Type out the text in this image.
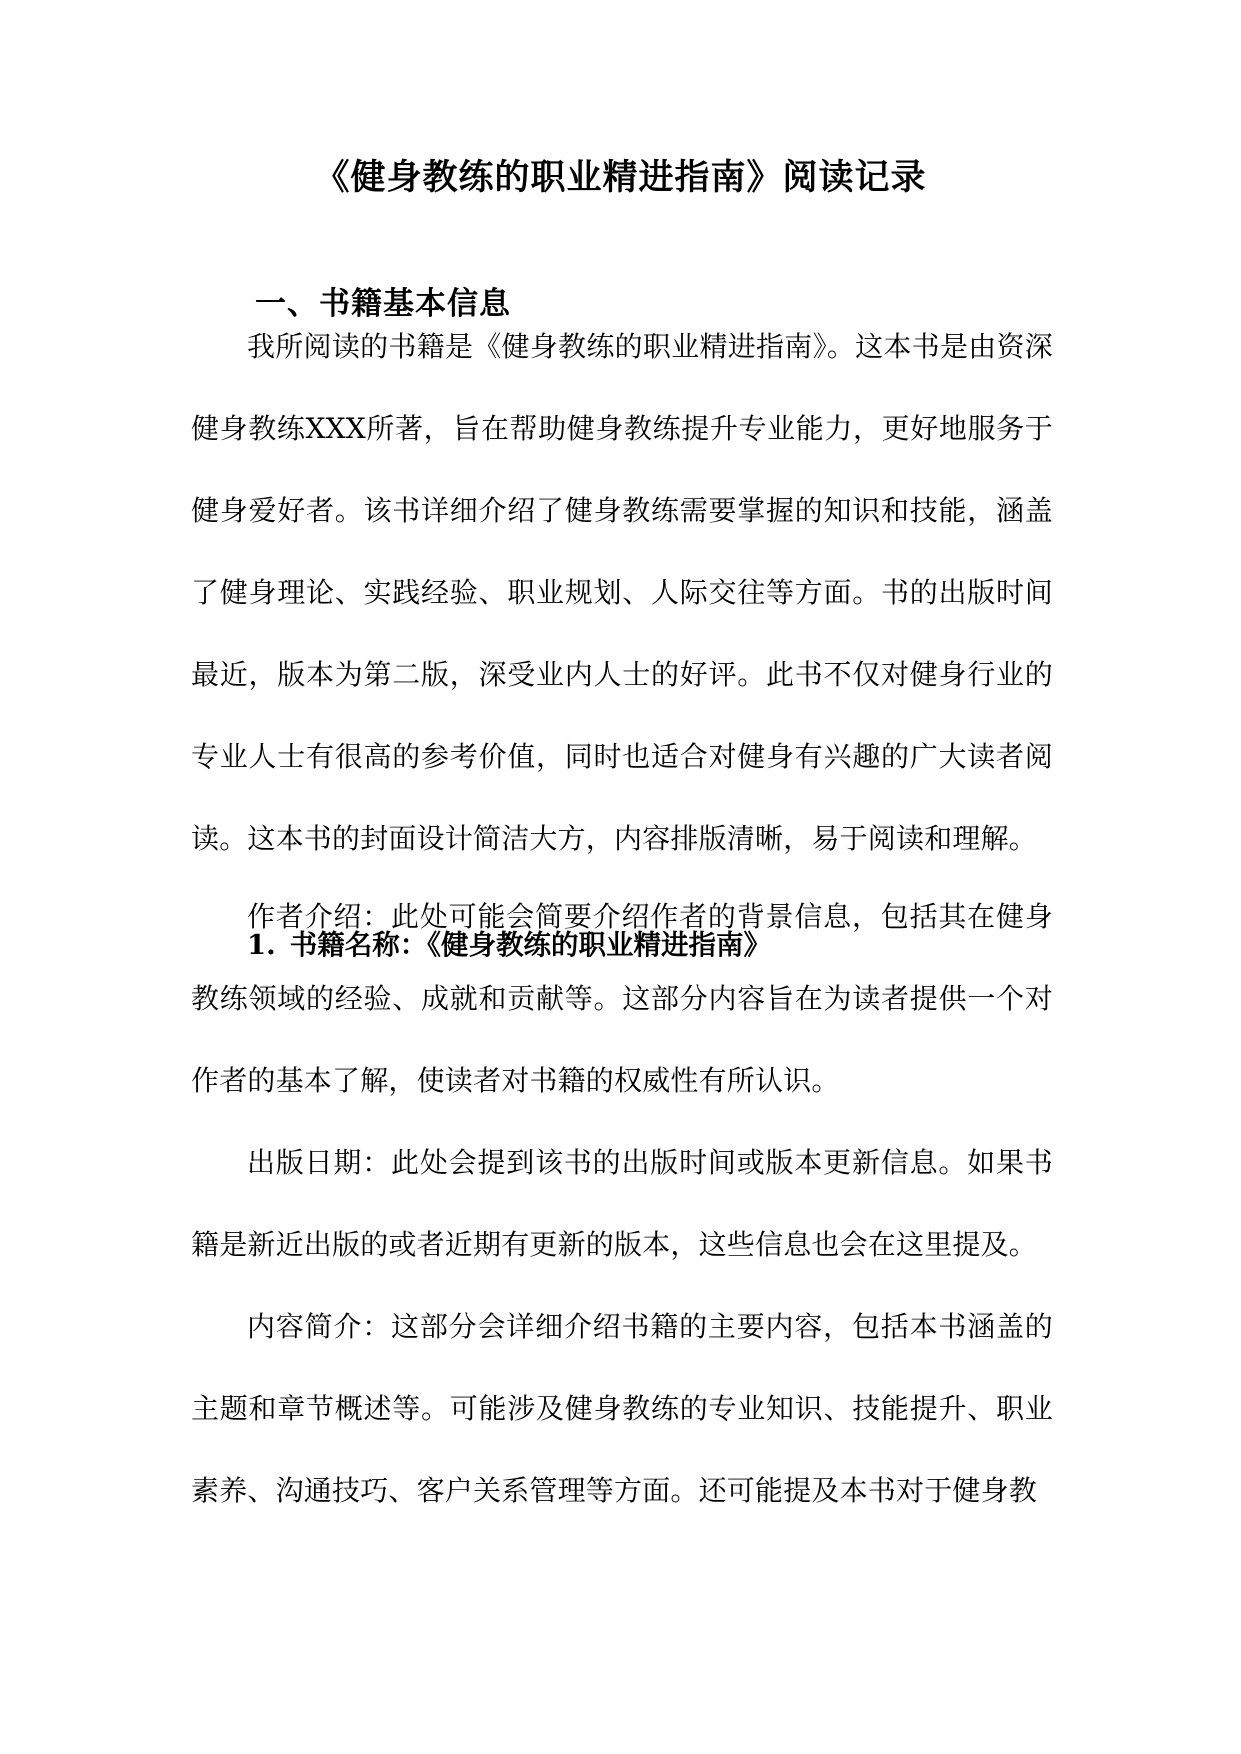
《健身教练的职业精进指南》阅读记录
一、书籍基本信息

我所阅读的书籍是《健身教练的职业精进指南》。这本书是由资深健身教练XXX所著，旨在帮助健身教练提升专业能力，更好地服务于健身爱好者。该书详细介绍了健身教练需要掌握的知识和技能，涵盖了健身理论、实践经验、职业规划、人际交往等方面。书的出版时间最近，版本为第二版，深受业内人士的好评。此书不仅对健身行业的专业人士有很高的参考价值，同时也适合对健身有兴趣的广大读者阅读。这本书的封面设计简洁大方，内容排版清晰，易于阅读和理解。

1. 书籍名称：《健身教练的职业精进指南》

作者介绍：此处可能会简要介绍作者的背景信息，包括其在健身教练领域的经验、成就和贡献等。这部分内容旨在为读者提供一个对作者的基本了解，使读者对书籍的权威性有所认识。

出版日期：此处会提到该书的出版时间或版本更新信息。如果书籍是新近出版的或者近期有更新的版本，这些信息也会在这里提及。

内容简介：这部分会详细介绍书籍的主要内容，包括本书涵盖的主题和章节概述等。可能涉及健身教练的专业知识、技能提升、职业素养、沟通技巧、客户关系管理等方面。还可能提及本书对于健身教
